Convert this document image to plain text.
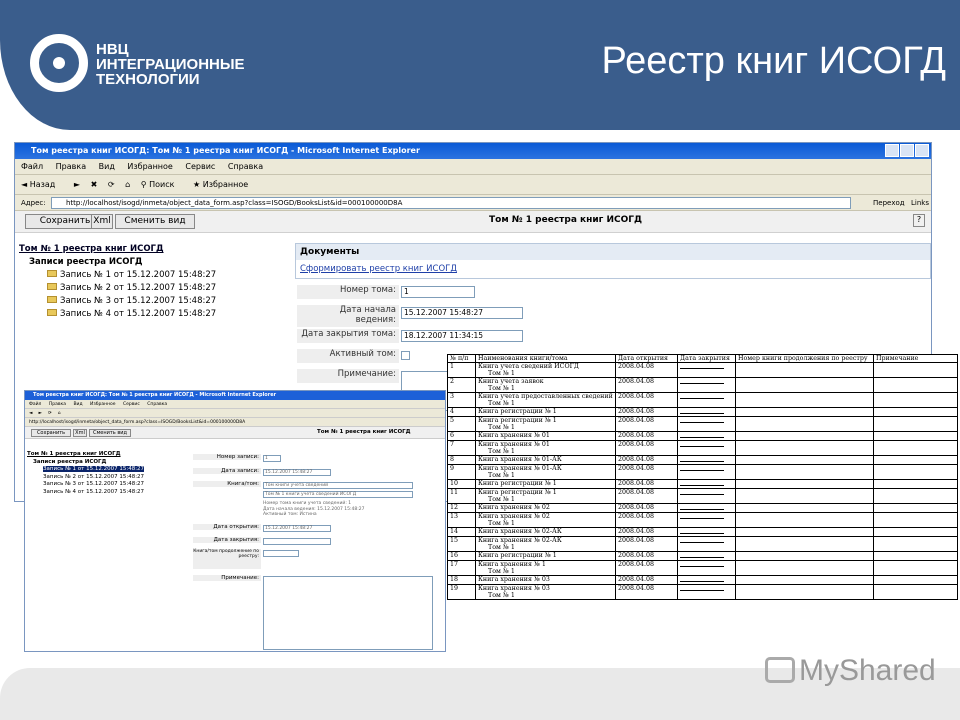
НВЦ
ИНТЕГРАЦИОННЫЕ
ТЕХНОЛОГИИ	Реестр книг ИСОГД
Том реестра книг ИСОГД: Том № 1 реестра книг ИСОГД - Microsoft Internet Explorer
Файл Правка Вид Избранное Сервис Справка
◄ Назад ► ✖ ⟳ ⌂ ⚲ Поиск ★ Избранное
Адрес:	http://localhost/isogd/inmeta/object_data_form.asp?class=ISOGD/BooksList&id=000100000D8A	Переход Links
Сохранить Xml	Сменить вид	Том № 1 реестра книг ИСОГД	?
Том № 1 реестра книг ИСОГД
Записи реестра ИСОГД
Запись № 1 от 15.12.2007 15:48:27
Запись № 2 от 15.12.2007 15:48:27
Запись № 3 от 15.12.2007 15:48:27
Запись № 4 от 15.12.2007 15:48:27
Документы
Сформировать реестр книг ИСОГД
Номер тома:	1
Дата начала ведения:
15.12.2007 15:48:27
Дата закрытия тома:	18.12.2007 11:34:15
Активный том:
Примечание:
Том реестра книг ИСОГД: Том № 1 реестра книг ИСОГД - Microsoft Internet Explorer
Файл Правка Вид Избранное Сервис Справка
◄ ► ⟳ ⌂
http://localhost/isogd/inmeta/object_data_form.asp?class=ISOGD/BooksList&id=000100000D8A
Сохранить	Xml	Сменить вид	Том № 1 реестра книг ИСОГД
Том № 1 реестра книг ИСОГД
Записи реестра ИСОГД
Запись № 1 от 15.12.2007 15:48:27
Запись № 2 от 15.12.2007 15:48:27
Запись № 3 от 15.12.2007 15:48:27
Запись № 4 от 15.12.2007 15:48:27
Номер записи:	1
Дата записи:	15.12.2007 15:48:27
Книга/том:	Том книги учета сведений
Том № 1 книги учета сведений ИСОГД
Номер тома книги учета сведений: 1
Дата начала ведения: 15.12.2007 15:48:27
Активный том: Истина
Дата открытия:	15.12.2007 15:48:27
Дата закрытия:
Книга/том продолжение по реестру:
Примечание:
№ п/п	Наименования книги/тома	Дата открытия	Дата закрытия	Номер книги продолжения по реестру	Примечание

1	Книга учета сведений ИСОГД
Том № 1	2008.04.08			

2	Книга учета заявок
Том № 1	2008.04.08			

3	Книга учета предоставленных сведений
Том № 1	2008.04.08			

4	Книга регистрации № 1	2008.04.08			

5	Книга регистрации № 1
Том № 1	2008.04.08			

6	Книга хранения № 01	2008.04.08			

7	Книга хранения № 01
Том № 1	2008.04.08			

8	Книга хранения № 01-АК	2008.04.08			

9	Книга хранения № 01-АК
Том № 1	2008.04.08			

10	Книга регистрации № 1	2008.04.08			

11	Книга регистрации № 1
Том № 1	2008.04.08			

12	Книга хранения № 02	2008.04.08			

13	Книга хранения № 02
Том № 1	2008.04.08			

14	Книга хранения № 02-АК	2008.04.08			

15	Книга хранения № 02-АК
Том № 1	2008.04.08			

16	Книга регистрации № 1	2008.04.08			

17	Книга хранения № 1
Том № 1	2008.04.08			

18	Книга хранения № 03	2008.04.08			

19	Книга хранения № 03
Том № 1	2008.04.08			

MyShared
